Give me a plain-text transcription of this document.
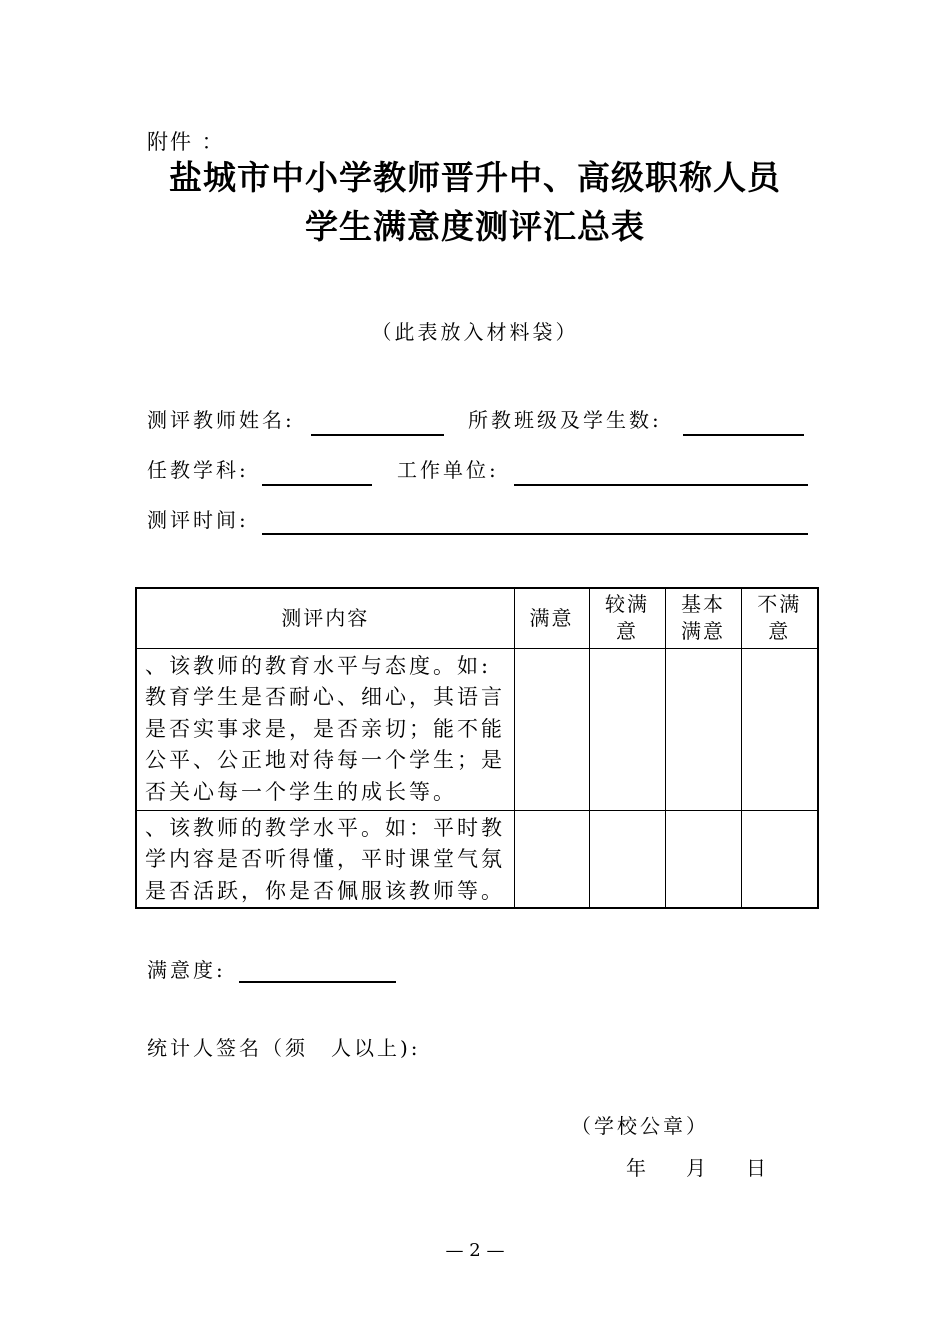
附件 ：
盐城市中小学教师晋升中、高级职称人员
学生满意度测评汇总表
（此表放入材料袋）
测评教师姓名:	所教班级及学生数:
任教学科:	工作单位:
测评时间:
测评内容	满意	较满意	基本满意	不满意
、该教师的教育水平与态度。如:教育学生是否耐心、细心，其语言是否实事求是，是否亲切；能不能公平、公正地对待每一个学生；是否关心每一个学生的成长等。				
、该教师的教学水平。如：平时教学内容是否听得懂，平时课堂气氛是否活跃，你是否佩服该教师等。				
满意度:
统计人签名（须　人以上):
（学校公章）
年 月 日
— 2 —
